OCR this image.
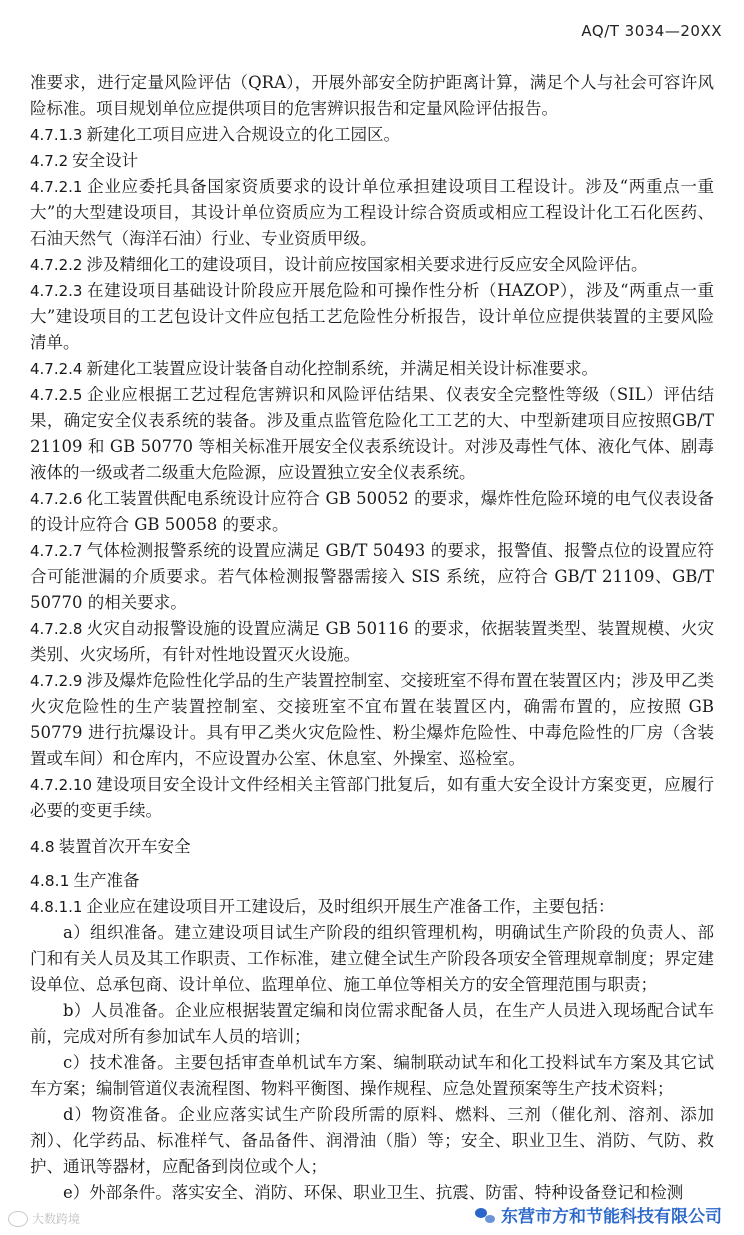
AQ/T 3034—20XX

准要求，进行定量风险评估（QRA），开展外部安全防护距离计算，满足个人与社会可容许风险标准。项目规划单位应提供项目的危害辨识报告和定量风险评估报告。

4.7.1.3 新建化工项目应进入合规设立的化工园区。

4.7.2 安全设计

4.7.2.1 企业应委托具备国家资质要求的设计单位承担建设项目工程设计。涉及“两重点一重大”的大型建设项目，其设计单位资质应为工程设计综合资质或相应工程设计化工石化医药、石油天然气（海洋石油）行业、专业资质甲级。

4.7.2.2 涉及精细化工的建设项目，设计前应按国家相关要求进行反应安全风险评估。

4.7.2.3 在建设项目基础设计阶段应开展危险和可操作性分析（HAZOP），涉及“两重点一重大”建设项目的工艺包设计文件应包括工艺危险性分析报告，设计单位应提供装置的主要风险清单。

4.7.2.4 新建化工装置应设计装备自动化控制系统，并满足相关设计标准要求。

4.7.2.5 企业应根据工艺过程危害辨识和风险评估结果、仪表安全完整性等级（SIL）评估结果，确定安全仪表系统的装备。涉及重点监管危险化工工艺的大、中型新建项目应按照GB/T 21109 和 GB 50770 等相关标准开展安全仪表系统设计。对涉及毒性气体、液化气体、剧毒液体的一级或者二级重大危险源，应设置独立安全仪表系统。

4.7.2.6 化工装置供配电系统设计应符合 GB 50052 的要求，爆炸性危险环境的电气仪表设备的设计应符合 GB 50058 的要求。

4.7.2.7 气体检测报警系统的设置应满足 GB/T 50493 的要求，报警值、报警点位的设置应符合可能泄漏的介质要求。若气体检测报警器需接入 SIS 系统，应符合 GB/T 21109、GB/T 50770 的相关要求。

4.7.2.8 火灾自动报警设施的设置应满足 GB 50116 的要求，依据装置类型、装置规模、火灾类别、火灾场所，有针对性地设置灭火设施。

4.7.2.9 涉及爆炸危险性化学品的生产装置控制室、交接班室不得布置在装置区内；涉及甲乙类火灾危险性的生产装置控制室、交接班室不宜布置在装置区内，确需布置的，应按照 GB 50779 进行抗爆设计。具有甲乙类火灾危险性、粉尘爆炸危险性、中毒危险性的厂房（含装置或车间）和仓库内，不应设置办公室、休息室、外操室、巡检室。

4.7.2.10 建设项目安全设计文件经相关主管部门批复后，如有重大安全设计方案变更，应履行必要的变更手续。

4.8 装置首次开车安全

4.8.1 生产准备

4.8.1.1 企业应在建设项目开工建设后，及时组织开展生产准备工作，主要包括：

a）组织准备。建立建设项目试生产阶段的组织管理机构，明确试生产阶段的负责人、部门和有关人员及其工作职责、工作标准，建立健全试生产阶段各项安全管理规章制度；界定建设单位、总承包商、设计单位、监理单位、施工单位等相关方的安全管理范围与职责；

b）人员准备。企业应根据装置定编和岗位需求配备人员，在生产人员进入现场配合试车前，完成对所有参加试车人员的培训；

c）技术准备。主要包括审查单机试车方案、编制联动试车和化工投料试车方案及其它试车方案；编制管道仪表流程图、物料平衡图、操作规程、应急处置预案等生产技术资料；

d）物资准备。企业应落实试生产阶段所需的原料、燃料、三剂（催化剂、溶剂、添加剂）、化学药品、标准样气、备品备件、润滑油（脂）等；安全、职业卫生、消防、气防、救护、通讯等器材，应配备到岗位或个人；

e）外部条件。落实安全、消防、环保、职业卫生、抗震、防雷、特种设备登记和检测

大数跨境	东营市方和节能科技有限公司
